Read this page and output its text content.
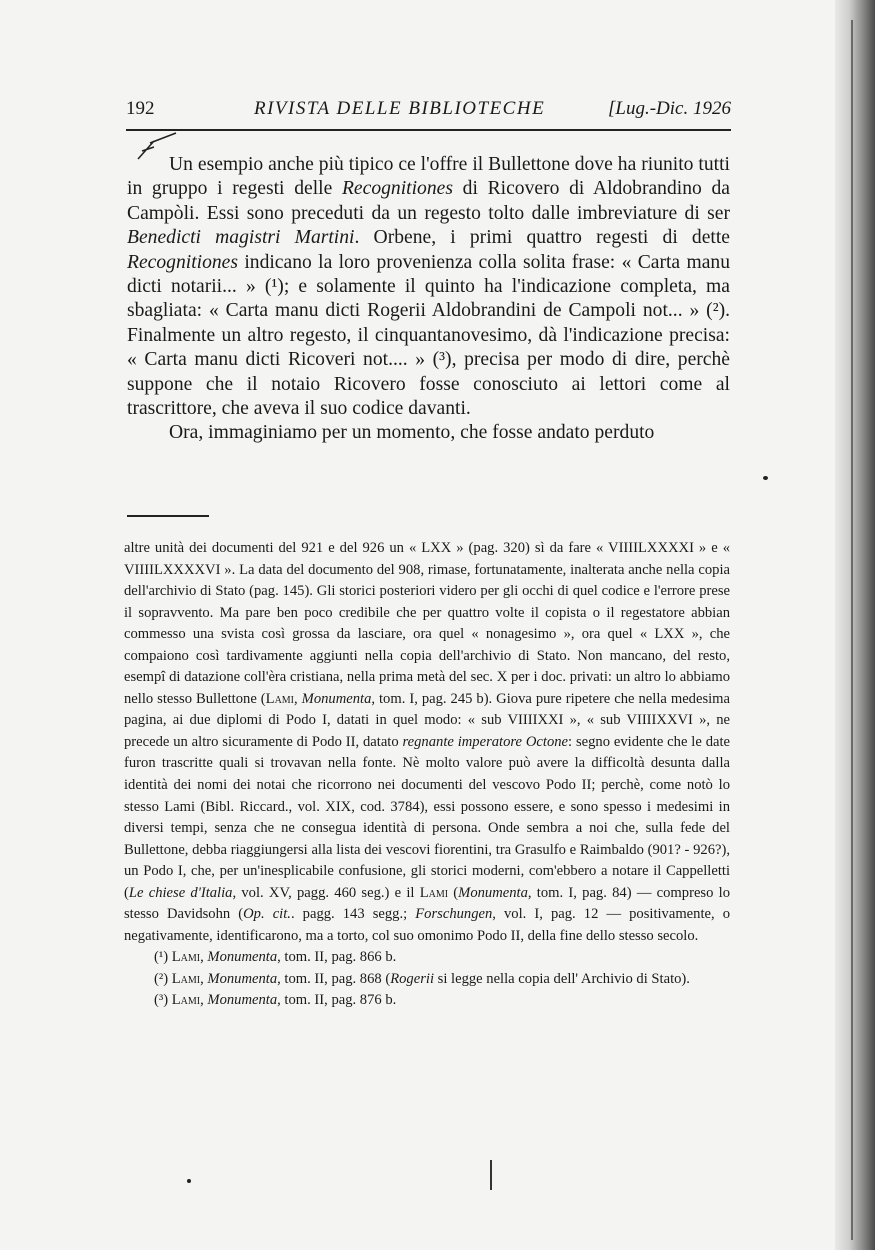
192	RIVISTA DELLE BIBLIOTECHE	[Lug.-Dic. 1926

Un esempio anche più tipico ce l'offre il Bullettone dove ha riunito tutti in gruppo i regesti delle Recognitiones di Ricovero di Aldobrandino da Campòli. Essi sono preceduti da un regesto tolto dalle imbreviature di ser Benedicti magistri Martini. Orbene, i primi quattro regesti di dette Recognitiones indicano la loro provenienza colla solita frase: « Carta manu dicti notarii... » (¹); e solamente il quinto ha l'indicazione completa, ma sbagliata: « Carta manu dicti Rogerii Aldobrandini de Campoli not... » (²). Finalmente un altro regesto, il cinquantanovesimo, dà l'indicazione precisa: « Carta manu dicti Ricoveri not.... » (³), precisa per modo di dire, perchè suppone che il notaio Ricovero fosse conosciuto ai lettori come al trascrittore, che aveva il suo codice davanti.

Ora, immaginiamo per un momento, che fosse andato perduto

altre unità dei documenti del 921 e del 926 un « LXX » (pag. 320) sì da fare « VIIIILXXXXI » e « VIIIILXXXXVI ». La data del documento del 908, rimase, fortunatamente, inalterata anche nella copia dell'archivio di Stato (pag. 145). Gli storici posteriori videro per gli occhi di quel codice e l'errore prese il sopravvento. Ma pare ben poco credibile che per quattro volte il copista o il regestatore abbian commesso una svista così grossa da lasciare, ora quel « nonagesimo », ora quel « LXX », che compaiono così tardivamente aggiunti nella copia dell'archivio di Stato. Non mancano, del resto, esempî di datazione coll'èra cristiana, nella prima metà del sec. X per i doc. privati: un altro lo abbiamo nello stesso Bullettone (Lami, Monumenta, tom. I, pag. 245 b). Giova pure ripetere che nella medesima pagina, ai due diplomi di Podo I, datati in quel modo: « sub VIIIIXXI », « sub VIIIIXXVI », ne precede un altro sicuramente di Podo II, datato regnante imperatore Octone: segno evidente che le date furon trascritte quali si trovavan nella fonte. Nè molto valore può avere la difficoltà desunta dalla identità dei nomi dei notai che ricorrono nei documenti del vescovo Podo II; perchè, come notò lo stesso Lami (Bibl. Riccard., vol. XIX, cod. 3784), essi possono essere, e sono spesso i medesimi in diversi tempi, senza che ne consegua identità di persona. Onde sembra a noi che, sulla fede del Bullettone, debba riaggiungersi alla lista dei vescovi fiorentini, tra Grasulfo e Raimbaldo (901? - 926?), un Podo I, che, per un'inesplicabile confusione, gli storici moderni, com'ebbero a notare il Cappelletti (Le chiese d'Italia, vol. XV, pagg. 460 seg.) e il Lami (Monumenta, tom. I, pag. 84) — compreso lo stesso Davidsohn (Op. cit.. pagg. 143 segg.; Forschungen, vol. I, pag. 12 — positivamente, o negativamente, identificarono, ma a torto, col suo omonimo Podo II, della fine dello stesso secolo.

(¹) Lami, Monumenta, tom. II, pag. 866 b.

(²) Lami, Monumenta, tom. II, pag. 868 (Rogerii si legge nella copia dell' Archivio di Stato).

(³) Lami, Monumenta, tom. II, pag. 876 b.
